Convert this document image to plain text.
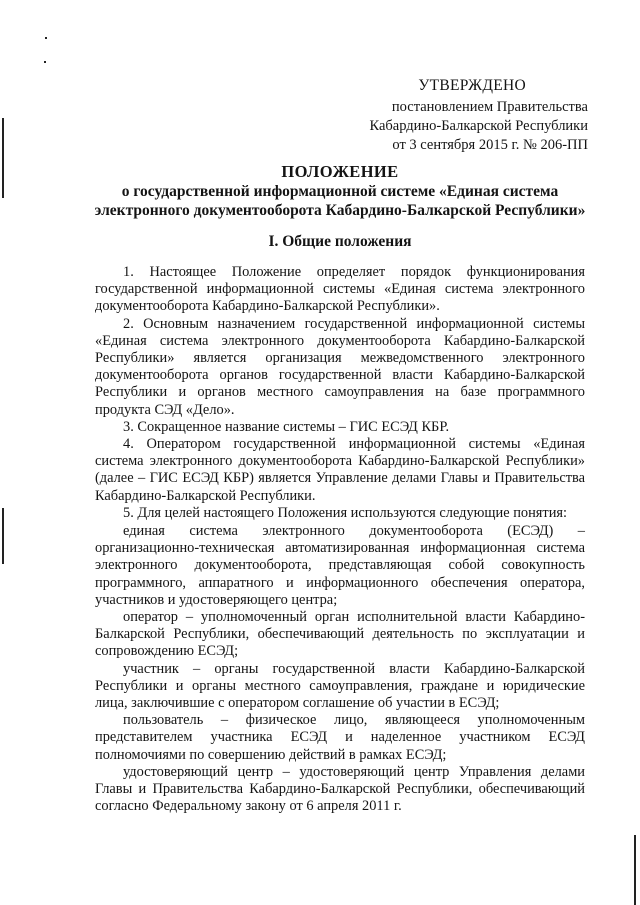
УТВЕРЖДЕНО
постановлением Правительства
Кабардино-Балкарской Республики
от 3 сентября 2015 г. № 206-ПП
ПОЛОЖЕНИЕ
о государственной информационной системе «Единая система
электронного документооборота Кабардино-Балкарской Республики»
I. Общие положения

1. Настоящее Положение определяет порядок функционирования государственной информационной системы «Единая система электронного документооборота Кабардино-Балкарской Республики».

2. Основным назначением государственной информационной системы «Единая система электронного документооборота Кабардино-Балкарской Республики» является организация межведомственного электронного документооборота органов государственной власти Кабардино-Балкарской Республики и органов местного самоуправления на базе программного продукта СЭД «Дело».

3. Сокращенное название системы – ГИС ЕСЭД КБР.

4. Оператором государственной информационной системы «Единая система электронного документооборота Кабардино-Балкарской Республики» (далее – ГИС ЕСЭД КБР) является Управление делами Главы и Правительства Кабардино-Балкарской Республики.

5. Для целей настоящего Положения используются следующие понятия:

единая система электронного документооборота (ЕСЭД) – организационно-техническая автоматизированная информационная система электронного документооборота, представляющая собой совокупность программного, аппаратного и информационного обеспечения оператора, участников и удостоверяющего центра;

оператор – уполномоченный орган исполнительной власти Кабардино-Балкарской Республики, обеспечивающий деятельность по эксплуатации и сопровождению ЕСЭД;

участник – органы государственной власти Кабардино-Балкарской Республики и органы местного самоуправления, граждане и юридические лица, заключившие с оператором соглашение об участии в ЕСЭД;

пользователь – физическое лицо, являющееся уполномоченным представителем участника ЕСЭД и наделенное участником ЕСЭД полномочиями по совершению действий в рамках ЕСЭД;

удостоверяющий центр – удостоверяющий центр Управления делами Главы и Правительства Кабардино-Балкарской Республики, обеспечивающий согласно Федеральному закону от 6 апреля 2011 г.
